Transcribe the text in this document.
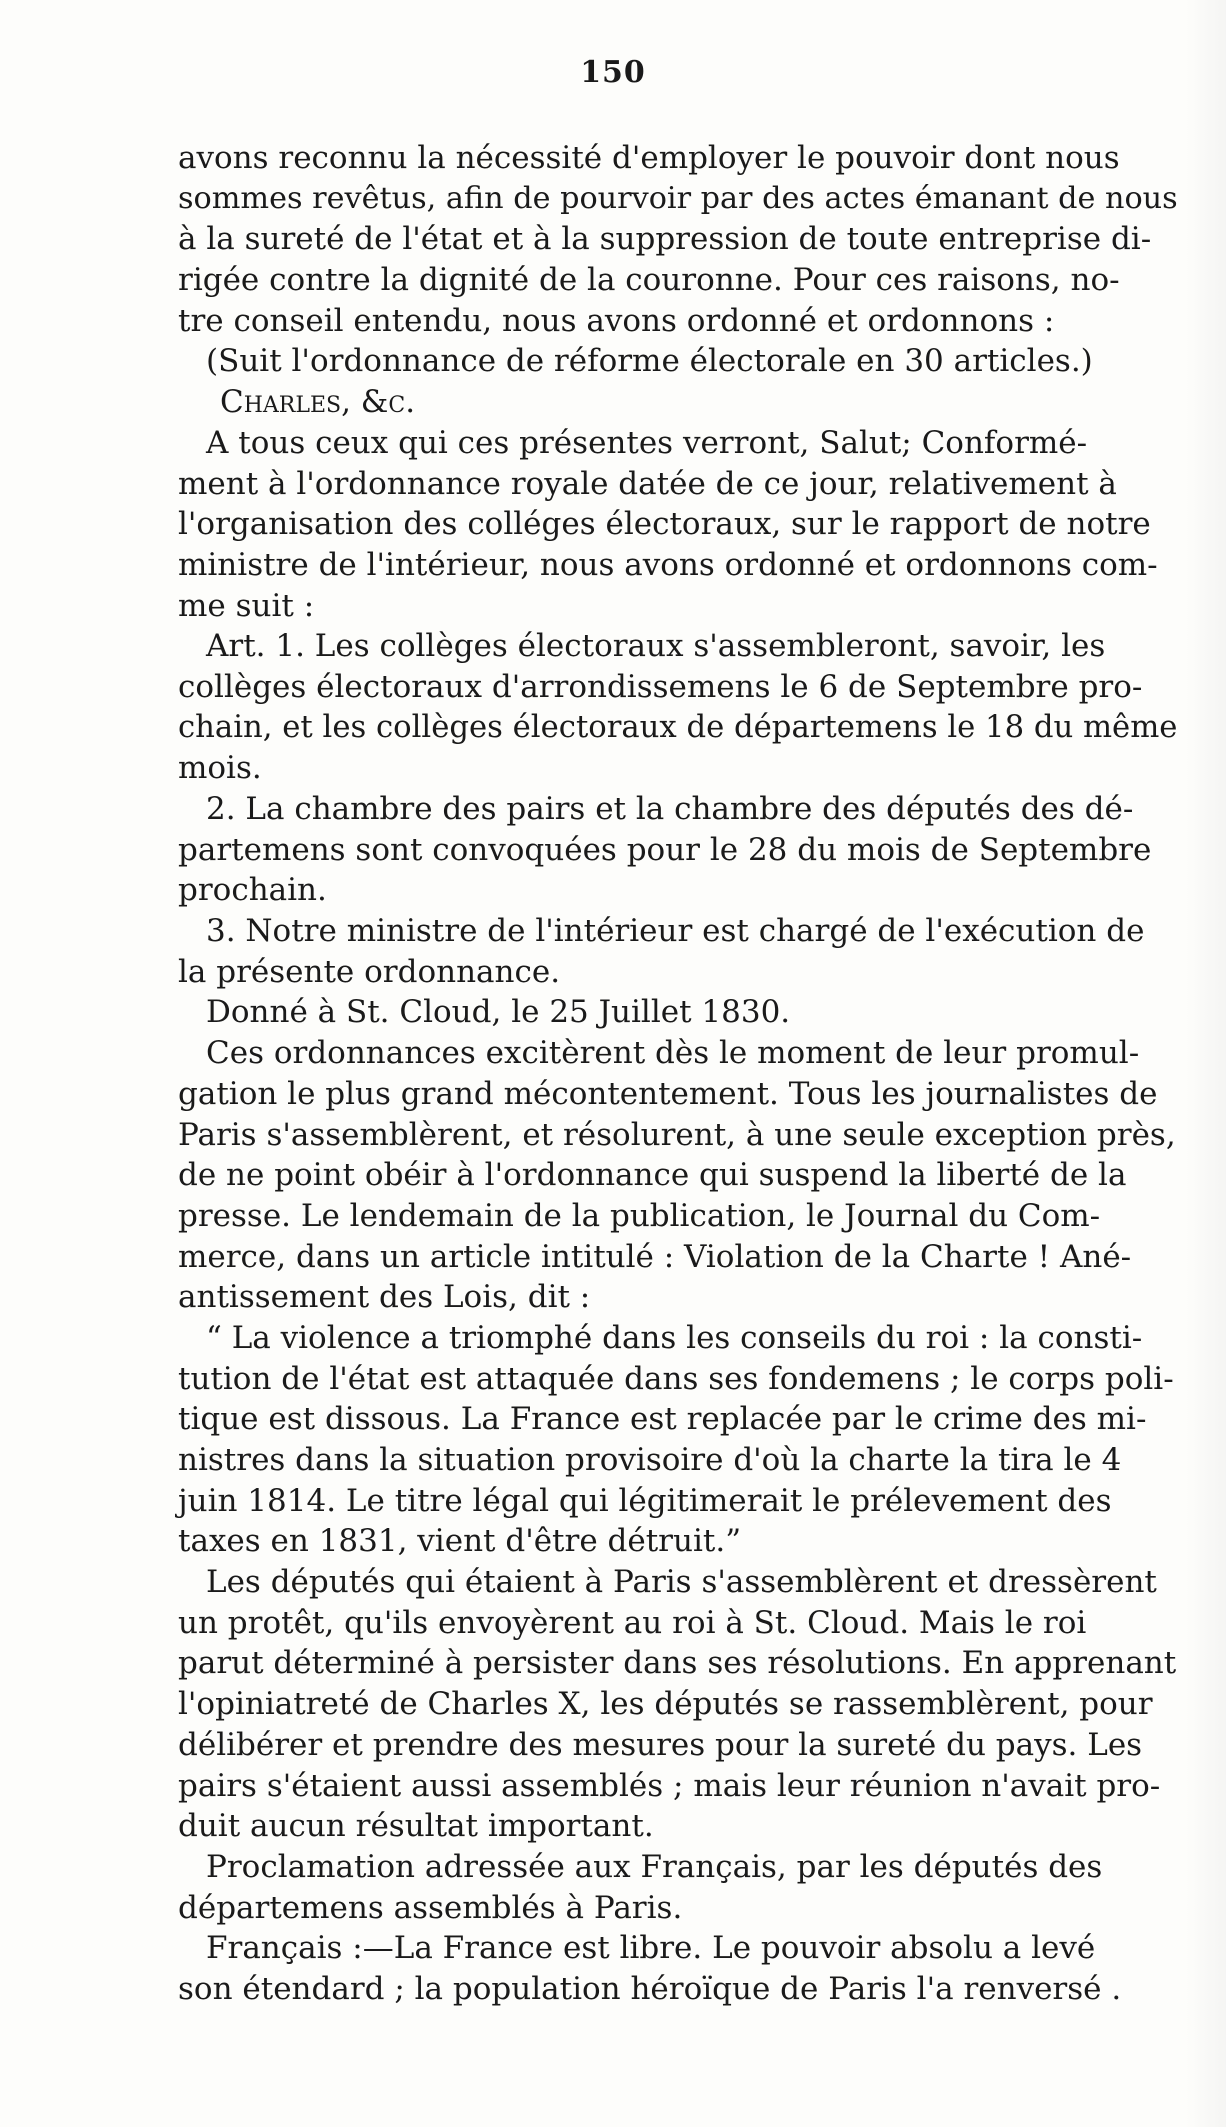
150
avons reconnu la nécessité d'employer le pouvoir dont nous
sommes revêtus, afin de pourvoir par des actes émanant de nous
à la sureté de l'état et à la suppression de toute entreprise di-
rigée contre la dignité de la couronne. Pour ces raisons, no-
tre conseil entendu, nous avons ordonné et ordonnons :
(Suit l'ordonnance de réforme électorale en 30 articles.)
Charles, &c.
A tous ceux qui ces présentes verront, Salut; Conformé-
ment à l'ordonnance royale datée de ce jour, relativement à
l'organisation des colléges électoraux, sur le rapport de notre
ministre de l'intérieur, nous avons ordonné et ordonnons com-
me suit :
Art. 1. Les collèges électoraux s'assembleront, savoir, les
collèges électoraux d'arrondissemens le 6 de Septembre pro-
chain, et les collèges électoraux de départemens le 18 du même
mois.
2. La chambre des pairs et la chambre des députés des dé-
partemens sont convoquées pour le 28 du mois de Septembre
prochain.
3. Notre ministre de l'intérieur est chargé de l'exécution de
la présente ordonnance.
Donné à St. Cloud, le 25 Juillet 1830.
Ces ordonnances excitèrent dès le moment de leur promul-
gation le plus grand mécontentement. Tous les journalistes de
Paris s'assemblèrent, et résolurent, à une seule exception près,
de ne point obéir à l'ordonnance qui suspend la liberté de la
presse. Le lendemain de la publication, le Journal du Com-
merce, dans un article intitulé : Violation de la Charte ! Ané-
antissement des Lois, dit :
“ La violence a triomphé dans les conseils du roi : la consti-
tution de l'état est attaquée dans ses fondemens ; le corps poli-
tique est dissous. La France est replacée par le crime des mi-
nistres dans la situation provisoire d'où la charte la tira le 4
juin 1814. Le titre légal qui légitimerait le prélevement des
taxes en 1831, vient d'être détruit.”
Les députés qui étaient à Paris s'assemblèrent et dressèrent
un protêt, qu'ils envoyèrent au roi à St. Cloud. Mais le roi
parut déterminé à persister dans ses résolutions. En apprenant
l'opiniatreté de Charles X, les députés se rassemblèrent, pour
délibérer et prendre des mesures pour la sureté du pays. Les
pairs s'étaient aussi assemblés ; mais leur réunion n'avait pro-
duit aucun résultat important.
Proclamation adressée aux Français, par les députés des
départemens assemblés à Paris.
Français :—La France est libre. Le pouvoir absolu a levé
son étendard ; la population héroïque de Paris l'a renversé .
